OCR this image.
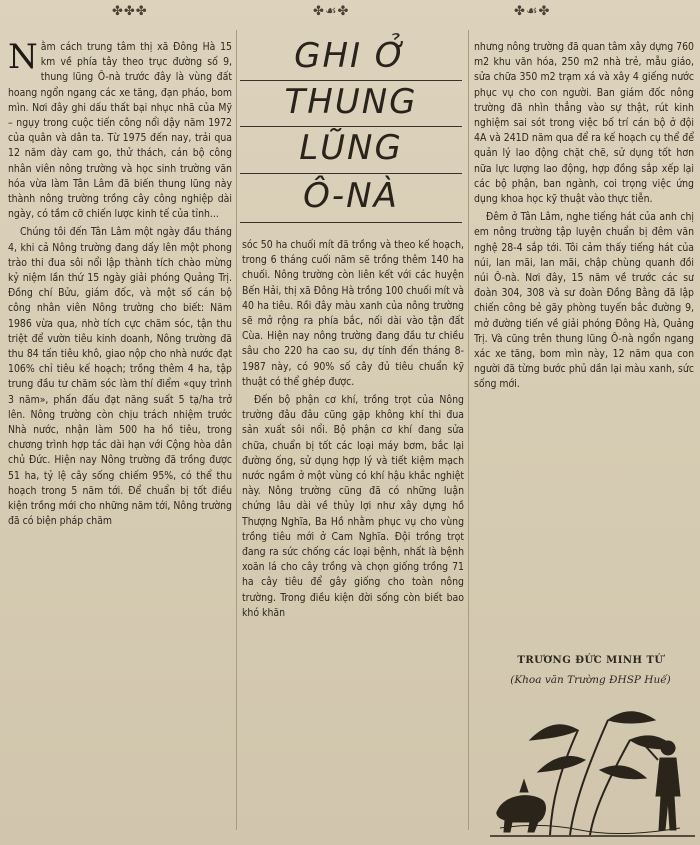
✤✤✤	✤☙✤	✤☙✤

Nằm cách trung tâm thị xã Đông Hà 15 km về phía tây theo trục đường số 9, thung lũng Ô-nà trước đây là vùng đất hoang ngổn ngang các xe tăng, đạn pháo, bom mìn. Nơi đây ghi dấu thất bại nhục nhã của Mỹ – ngụy trong cuộc tiến công nổi dậy năm 1972 của quân và dân ta. Từ 1975 đến nay, trải qua 12 năm dày cam go, thử thách, cán bộ công nhân viên nông trường và học sinh trường văn hóa vừa làm Tân Lâm đã biến thung lũng này thành nông trường trồng cây công nghiệp dài ngày, có tầm cỡ chiến lược kinh tế của tỉnh...

Chúng tôi đến Tân Lâm một ngày đầu tháng 4, khi cả Nông trường đang dấy lên một phong trào thi đua sôi nổi lập thành tích chào mừng kỷ niệm lần thứ 15 ngày giải phóng Quảng Trị. Đồng chí Bửu, giám đốc, và một số cán bộ công nhân viên Nông trường cho biết: Năm 1986 vừa qua, nhờ tích cực chăm sóc, tận thu triệt để vườn tiêu kinh doanh, Nông trường đã thu 84 tấn tiêu khô, giao nộp cho nhà nước đạt 106% chỉ tiêu kế hoạch; trồng thêm 4 ha, tập trung đầu tư chăm sóc làm thí điểm «quy trình 3 năm», phấn đấu đạt năng suất 5 tạ/ha trở lên. Nông trường còn chịu trách nhiệm trước Nhà nước, nhận làm 500 ha hồ tiêu, trong chương trình hợp tác dài hạn với Cộng hòa dân chủ Đức. Hiện nay Nông trường đã trồng được 51 ha, tỷ lệ cây sống chiếm 95%, có thể thu hoạch trong 5 năm tới. Để chuẩn bị tốt điều kiện trồng mới cho những năm tới, Nông trường đã có biện pháp chăm

GHI Ở
THUNG
LŨNG
Ô-NÀ

sóc 50 ha chuối mít đã trồng và theo kế hoạch, trong 6 tháng cuối năm sẽ trồng thêm 140 ha chuối. Nông trường còn liên kết với các huyện Bến Hải, thị xã Đông Hà trồng 100 chuối mít và 40 ha tiêu. Rồi đây màu xanh của nông trường sẽ mở rộng ra phía bắc, nối dài vào tận đất Cùa. Hiện nay nông trường đang đầu tư chiều sâu cho 220 ha cao su, dự tính đến tháng 8-1987 này, có 90% số cây đủ tiêu chuẩn kỹ thuật có thể ghép được.

Đến bộ phận cơ khí, trồng trọt của Nông trường đâu đâu cũng gặp không khí thi đua sản xuất sôi nổi. Bộ phận cơ khí đang sửa chữa, chuẩn bị tốt các loại máy bơm, bắc lại đường ống, sử dụng hợp lý và tiết kiệm mạch nước ngầm ở một vùng có khí hậu khắc nghiệt này. Nông trường cũng đã có những luận chứng lâu dài về thủy lợi như xây dựng hồ Thượng Nghĩa, Ba Hồ nhằm phục vụ cho vùng trồng tiêu mới ở Cam Nghĩa. Đội trồng trọt đang ra sức chống các loại bệnh, nhất là bệnh xoăn lá cho cây trồng và chọn giống trồng 71 ha cây tiêu để gây giống cho toàn nông trường. Trong điều kiện đời sống còn biết bao khó khăn

nhưng nông trường đã quan tâm xây dựng 760 m2 khu văn hóa, 250 m2 nhà trẻ, mẫu giáo, sửa chữa 350 m2 trạm xá và xây 4 giếng nước phục vụ cho con người. Ban giám đốc nông trường đã nhìn thẳng vào sự thật, rút kinh nghiệm sai sót trong việc bố trí cán bộ ở đội 4A và 241D năm qua để ra kế hoạch cụ thể để quản lý lao động chặt chẽ, sử dụng tốt hơn nữa lực lượng lao động, hợp đồng sắp xếp lại các bộ phận, ban ngành, coi trọng việc ứng dụng khoa học kỹ thuật vào thực tiễn.

Đêm ở Tân Lâm, nghe tiếng hát của anh chị em nông trường tập luyện chuẩn bị đêm văn nghệ 28-4 sắp tới. Tôi cảm thấy tiếng hát của núi, lan mãi, lan mãi, chập chùng quanh đồi núi Ô-nà. Nơi đây, 15 năm về trước các sư đoàn 304, 308 và sư đoàn Đồng Bằng đã lập chiến công bẻ gãy phòng tuyến bắc đường 9, mở đường tiến về giải phóng Đông Hà, Quảng Trị. Và cũng trên thung lũng Ô-nà ngổn ngang xác xe tăng, bom mìn này, 12 năm qua con người đã từng bước phủ dần lại màu xanh, sức sống mới.

TRƯƠNG ĐỨC MINH TỨ
(Khoa văn Trường ĐHSP Huế)
